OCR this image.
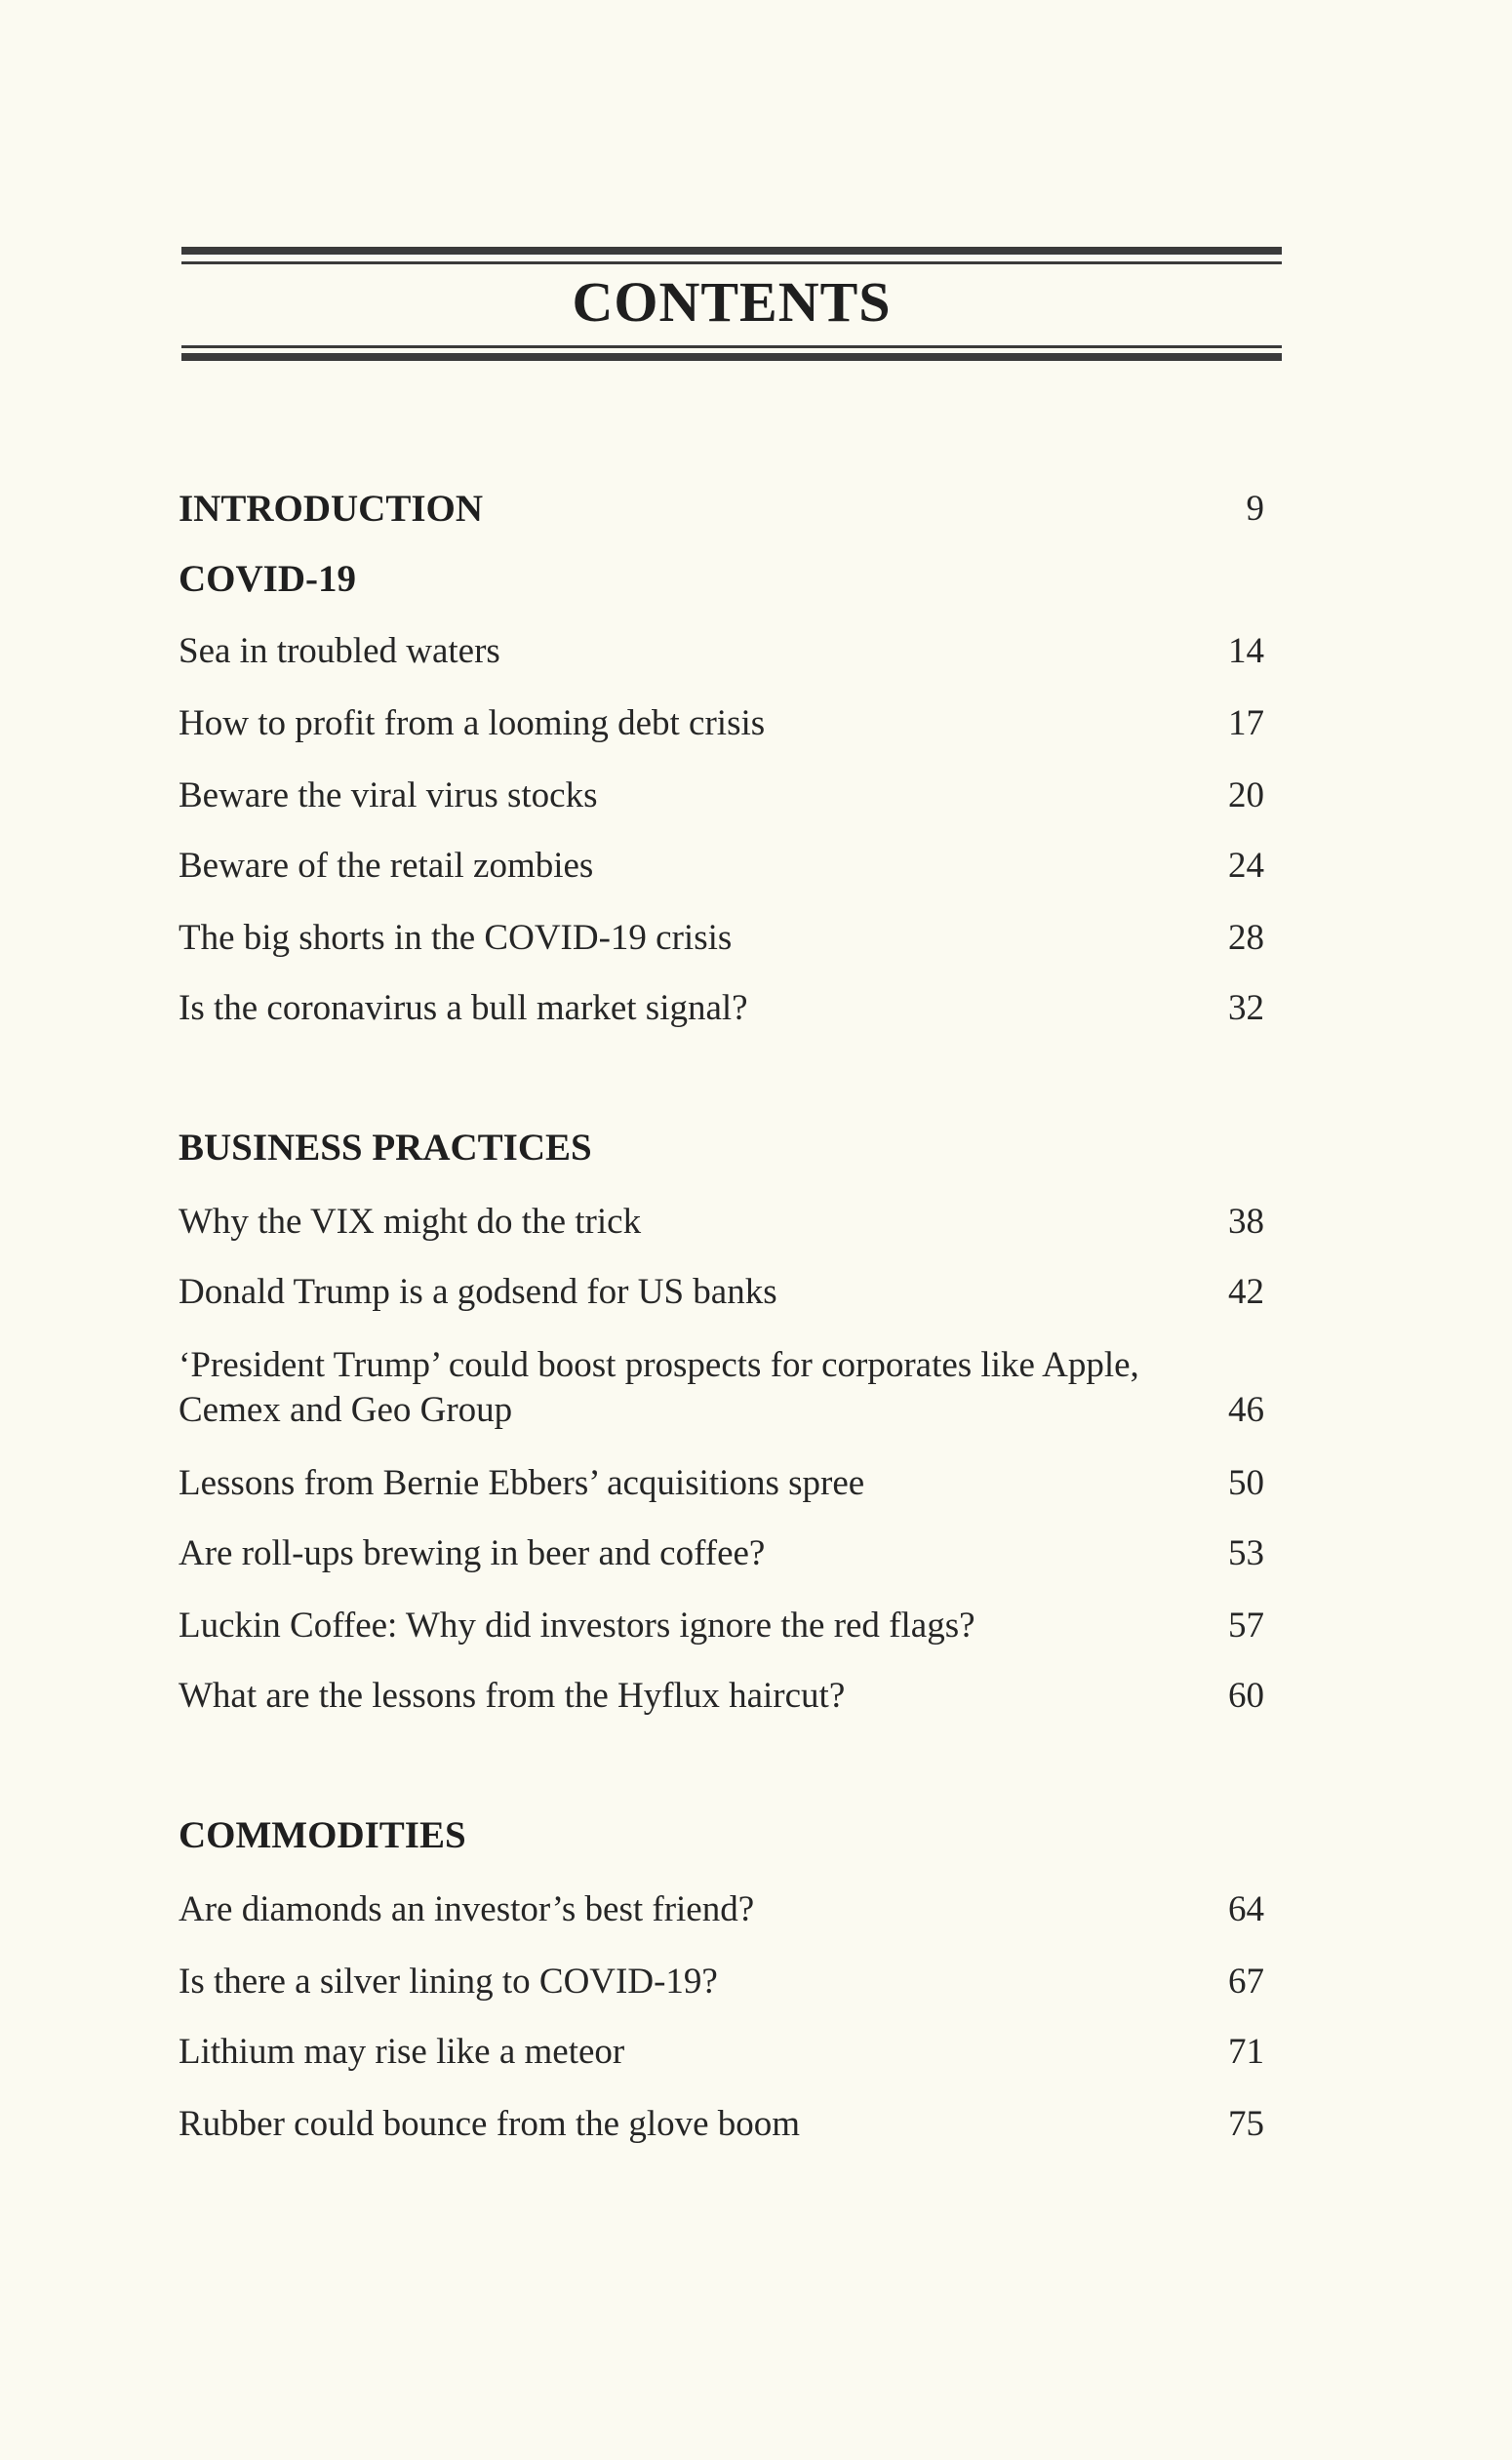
CONTENTS
INTRODUCTION	9
COVID-19
Sea in troubled waters	14
How to profit from a looming debt crisis	17
Beware the viral virus stocks	20
Beware of the retail zombies	24
The big shorts in the COVID-19 crisis	28
Is the coronavirus a bull market signal?	32
BUSINESS PRACTICES
Why the VIX might do the trick	38
Donald Trump is a godsend for US banks	42
‘President Trump’ could boost prospects for corporates like Apple, Cemex and Geo Group	46
Lessons from Bernie Ebbers’ acquisitions spree	50
Are roll-ups brewing in beer and coffee?	53
Luckin Coffee: Why did investors ignore the red flags?	57
What are the lessons from the Hyflux haircut?	60
COMMODITIES
Are diamonds an investor’s best friend?	64
Is there a silver lining to COVID-19?	67
Lithium may rise like a meteor	71
Rubber could bounce from the glove boom	75
